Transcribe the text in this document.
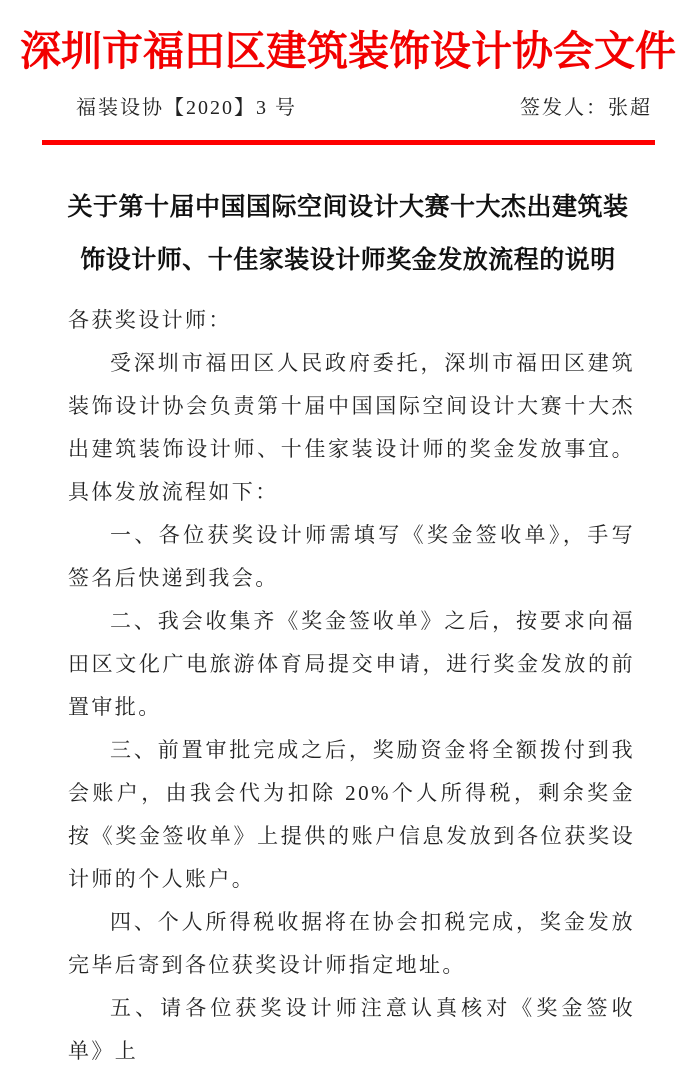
深圳市福田区建筑装饰设计协会文件
福装设协【2020】3 号	签发人：张超
关于第十届中国国际空间设计大赛十大杰出建筑装
饰设计师、十佳家装设计师奖金发放流程的说明

各获奖设计师：

受深圳市福田区人民政府委托，深圳市福田区建筑装饰设计协会负责第十届中国国际空间设计大赛十大杰出建筑装饰设计师、十佳家装设计师的奖金发放事宜。具体发放流程如下：

一、各位获奖设计师需填写《奖金签收单》，手写签名后快递到我会。

二、我会收集齐《奖金签收单》之后，按要求向福田区文化广电旅游体育局提交申请，进行奖金发放的前置审批。

三、前置审批完成之后，奖励资金将全额拨付到我会账户，由我会代为扣除 20%个人所得税，剩余奖金按《奖金签收单》上提供的账户信息发放到各位获奖设计师的个人账户。

四、个人所得税收据将在协会扣税完成，奖金发放完毕后寄到各位获奖设计师指定地址。

五、请各位获奖设计师注意认真核对《奖金签收单》上
